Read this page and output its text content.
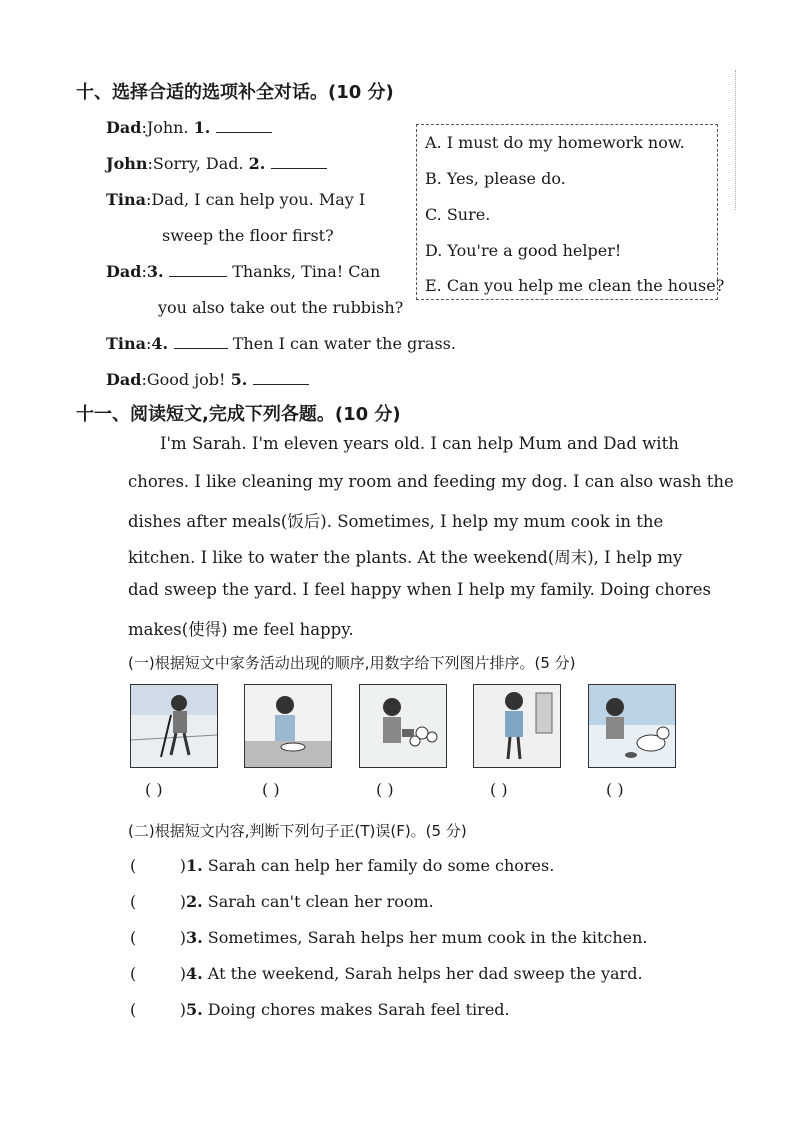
十、选择合适的选项补全对话。(10 分)
Dad:John. 1.
John:Sorry, Dad. 2.
Tina:Dad, I can help you. May I
sweep the floor first?
Dad:3.	Thanks, Tina! Can
you also take out the rubbish?
Tina:4.	Then I can water the grass.
Dad:Good job! 5.
A. I must do my homework now.
B. Yes, please do.
C. Sure.
D. You're a good helper!
E. Can you help me clean the house?
十一、阅读短文,完成下列各题。(10 分)
I'm Sarah. I'm eleven years old. I can help Mum and Dad with
chores. I like cleaning my room and feeding my dog. I can also wash the
dishes after meals(饭后). Sometimes, I help my mum cook in the
kitchen. I like to water the plants. At the weekend(周末), I help my
dad sweep the yard. I feel happy when I help my family. Doing chores
makes(使得) me feel happy.
(一)根据短文中家务活动出现的顺序,用数字给下列图片排序。(5 分)
( )	( )	( )	( )	( )
(二)根据短文内容,判断下列句子正(T)误(F)。(5 分)
(	) 1. Sarah can help her family do some chores.
(	) 2. Sarah can't clean her room.
(	) 3. Sometimes, Sarah helps her mum cook in the kitchen.
(	) 4. At the weekend, Sarah helps her dad sweep the yard.
(	) 5. Doing chores makes Sarah feel tired.
